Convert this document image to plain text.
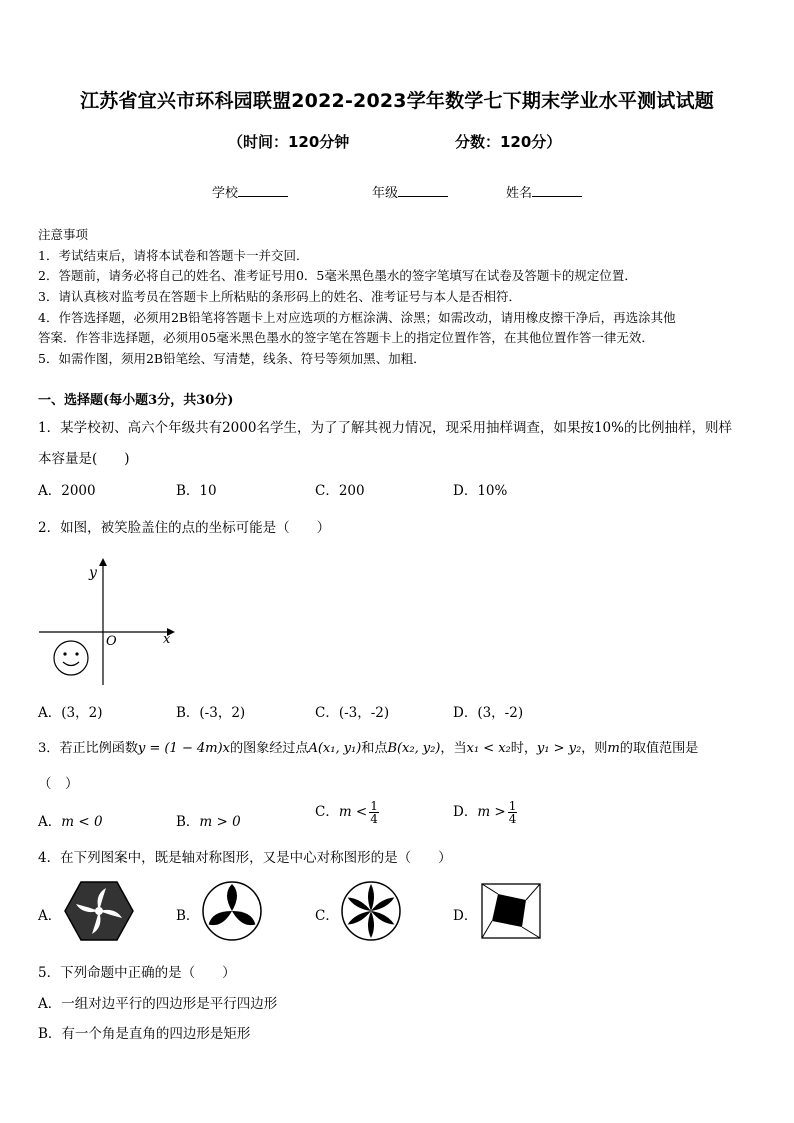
江苏省宜兴市环科园联盟2022-2023学年数学七下期末学业水平测试试题
（时间：120分钟	分数：120分）
学校	年级	姓名
注意事项
1．考试结束后，请将本试卷和答题卡一并交回．
2．答题前，请务必将自己的姓名、准考证号用0．5毫米黑色墨水的签字笔填写在试卷及答题卡的规定位置．
3．请认真核对监考员在答题卡上所粘贴的条形码上的姓名、准考证号与本人是否相符．
4．作答选择题，必须用2B铅笔将答题卡上对应选项的方框涂满、涂黑；如需改动，请用橡皮擦干净后，再选涂其他
答案．作答非选择题，必须用05毫米黑色墨水的签字笔在答题卡上的指定位置作答，在其他位置作答一律无效．
5．如需作图，须用2B铅笔绘、写清楚，线条、符号等须加黑、加粗．
一、选择题(每小题3分，共30分)
1．某学校初、高六个年级共有2000名学生，为了了解其视力情况，现采用抽样调查，如果按10%的比例抽样，则样
本容量是(　　)
A．2000	B．10	C．200	D．10%
2．如图，被笑脸盖住的点的坐标可能是（　　）
y
x
O
A．(3，2)	B．(-3，2)	C．(-3，-2)	D．(3，-2)
3．若正比例函数y = (1 − 4m)x的图象经过点A(x₁, y₁)和点B(x₂, y₂)，当x₁ < x₂时，y₁ > y₂，则m的取值范围是
（　）
A．m < 0	B．m > 0
C．$m < \frac{1}{4}$	D．$m > \frac{1}{4}$
4．在下列图案中，既是轴对称图形，又是中心对称图形的是（　　）
A．	B．	C．	D．
5．下列命题中正确的是（　　）
A．一组对边平行的四边形是平行四边形
B．有一个角是直角的四边形是矩形
